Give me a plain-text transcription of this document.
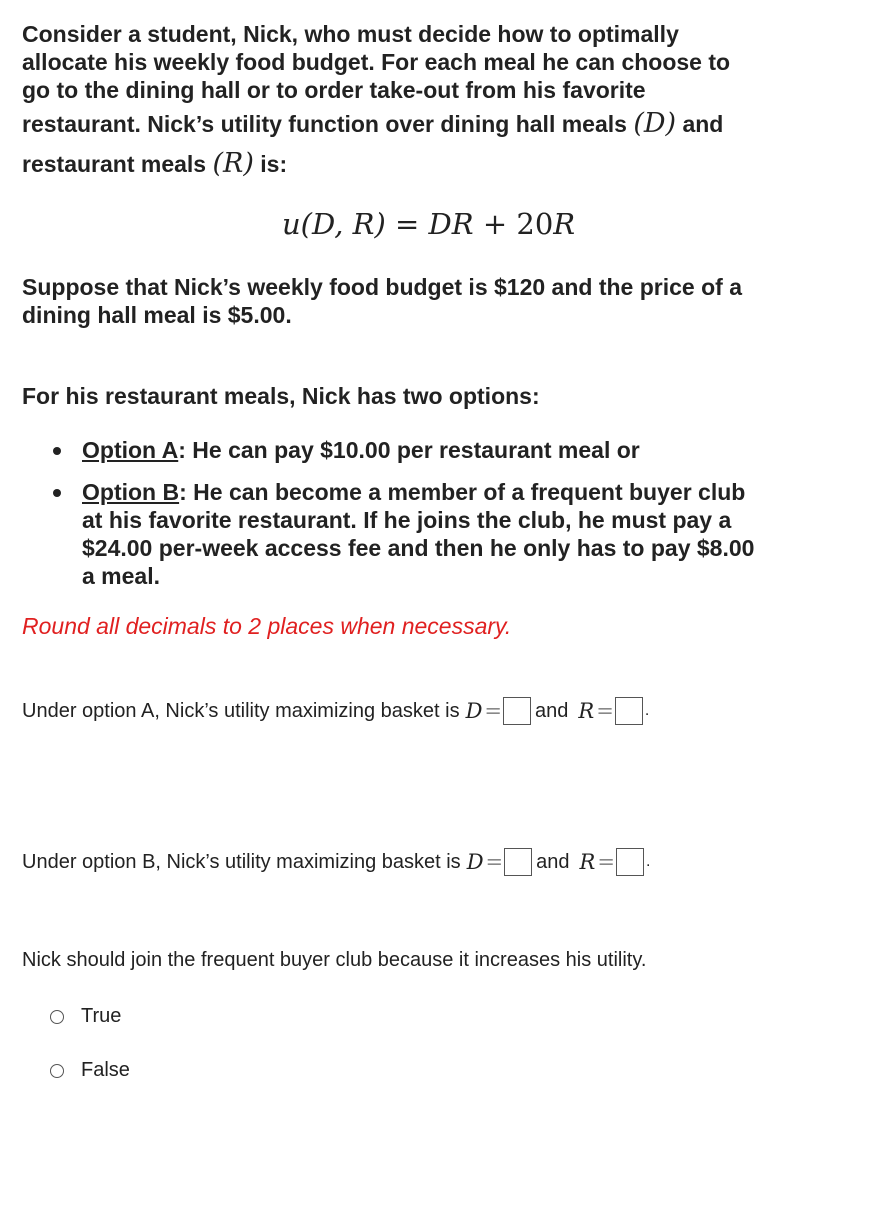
Consider a student, Nick, who must decide how to optimally
allocate his weekly food budget. For each meal he can choose to
go to the dining hall or to order take-out from his favorite
restaurant. Nick’s utility function over dining hall meals (D) and
restaurant meals (R) is:
u(D, R) = DR + 20R
Suppose that Nick’s weekly food budget is $120 and the price of a
dining hall meal is $5.00.
For his restaurant meals, Nick has two options:
Option A: He can pay $10.00 per restaurant meal or
Option B: He can become a member of a frequent buyer club
at his favorite restaurant. If he joins the club, he must pay a
$24.00 per-week access fee and then he only has to pay $8.00
a meal.
Round all decimals to 2 places when necessary.
Under option A, Nick’s utility maximizing basket is D = and R = .
Under option B, Nick’s utility maximizing basket is D = and R = .
Nick should join the frequent buyer club because it increases his utility.
True
False
